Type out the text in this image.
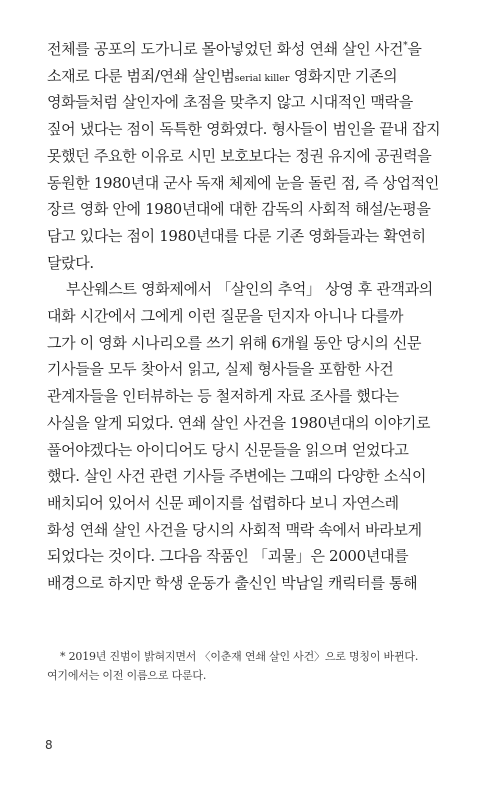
전체를 공포의 도가니로 몰아넣었던 화성 연쇄 살인 사건*을
소재로 다룬 범죄/연쇄 살인범serial killer 영화지만 기존의
영화들처럼 살인자에 초점을 맞추지 않고 시대적인 맥락을
짚어 냈다는 점이 독특한 영화였다. 형사들이 범인을 끝내 잡지
못했던 주요한 이유로 시민 보호보다는 정권 유지에 공권력을
동원한 1980년대 군사 독재 체제에 눈을 돌린 점, 즉 상업적인
장르 영화 안에 1980년대에 대한 감독의 사회적 해설/논평을
담고 있다는 점이 1980년대를 다룬 기존 영화들과는 확연히
달랐다.
부산웨스트 영화제에서 「살인의 추억」 상영 후 관객과의
대화 시간에서 그에게 이런 질문을 던지자 아니나 다를까
그가 이 영화 시나리오를 쓰기 위해 6개월 동안 당시의 신문
기사들을 모두 찾아서 읽고, 실제 형사들을 포함한 사건
관계자들을 인터뷰하는 등 철저하게 자료 조사를 했다는
사실을 알게 되었다. 연쇄 살인 사건을 1980년대의 이야기로
풀어야겠다는 아이디어도 당시 신문들을 읽으며 얻었다고
했다. 살인 사건 관련 기사들 주변에는 그때의 다양한 소식이
배치되어 있어서 신문 페이지를 섭렵하다 보니 자연스레
화성 연쇄 살인 사건을 당시의 사회적 맥락 속에서 바라보게
되었다는 것이다. 그다음 작품인 「괴물」은 2000년대를
배경으로 하지만 학생 운동가 출신인 박남일 캐릭터를 통해
* 2019년 진범이 밝혀지면서 〈이춘재 연쇄 살인 사건〉으로 명칭이 바뀐다.
여기에서는 이전 이름으로 다룬다.
8
